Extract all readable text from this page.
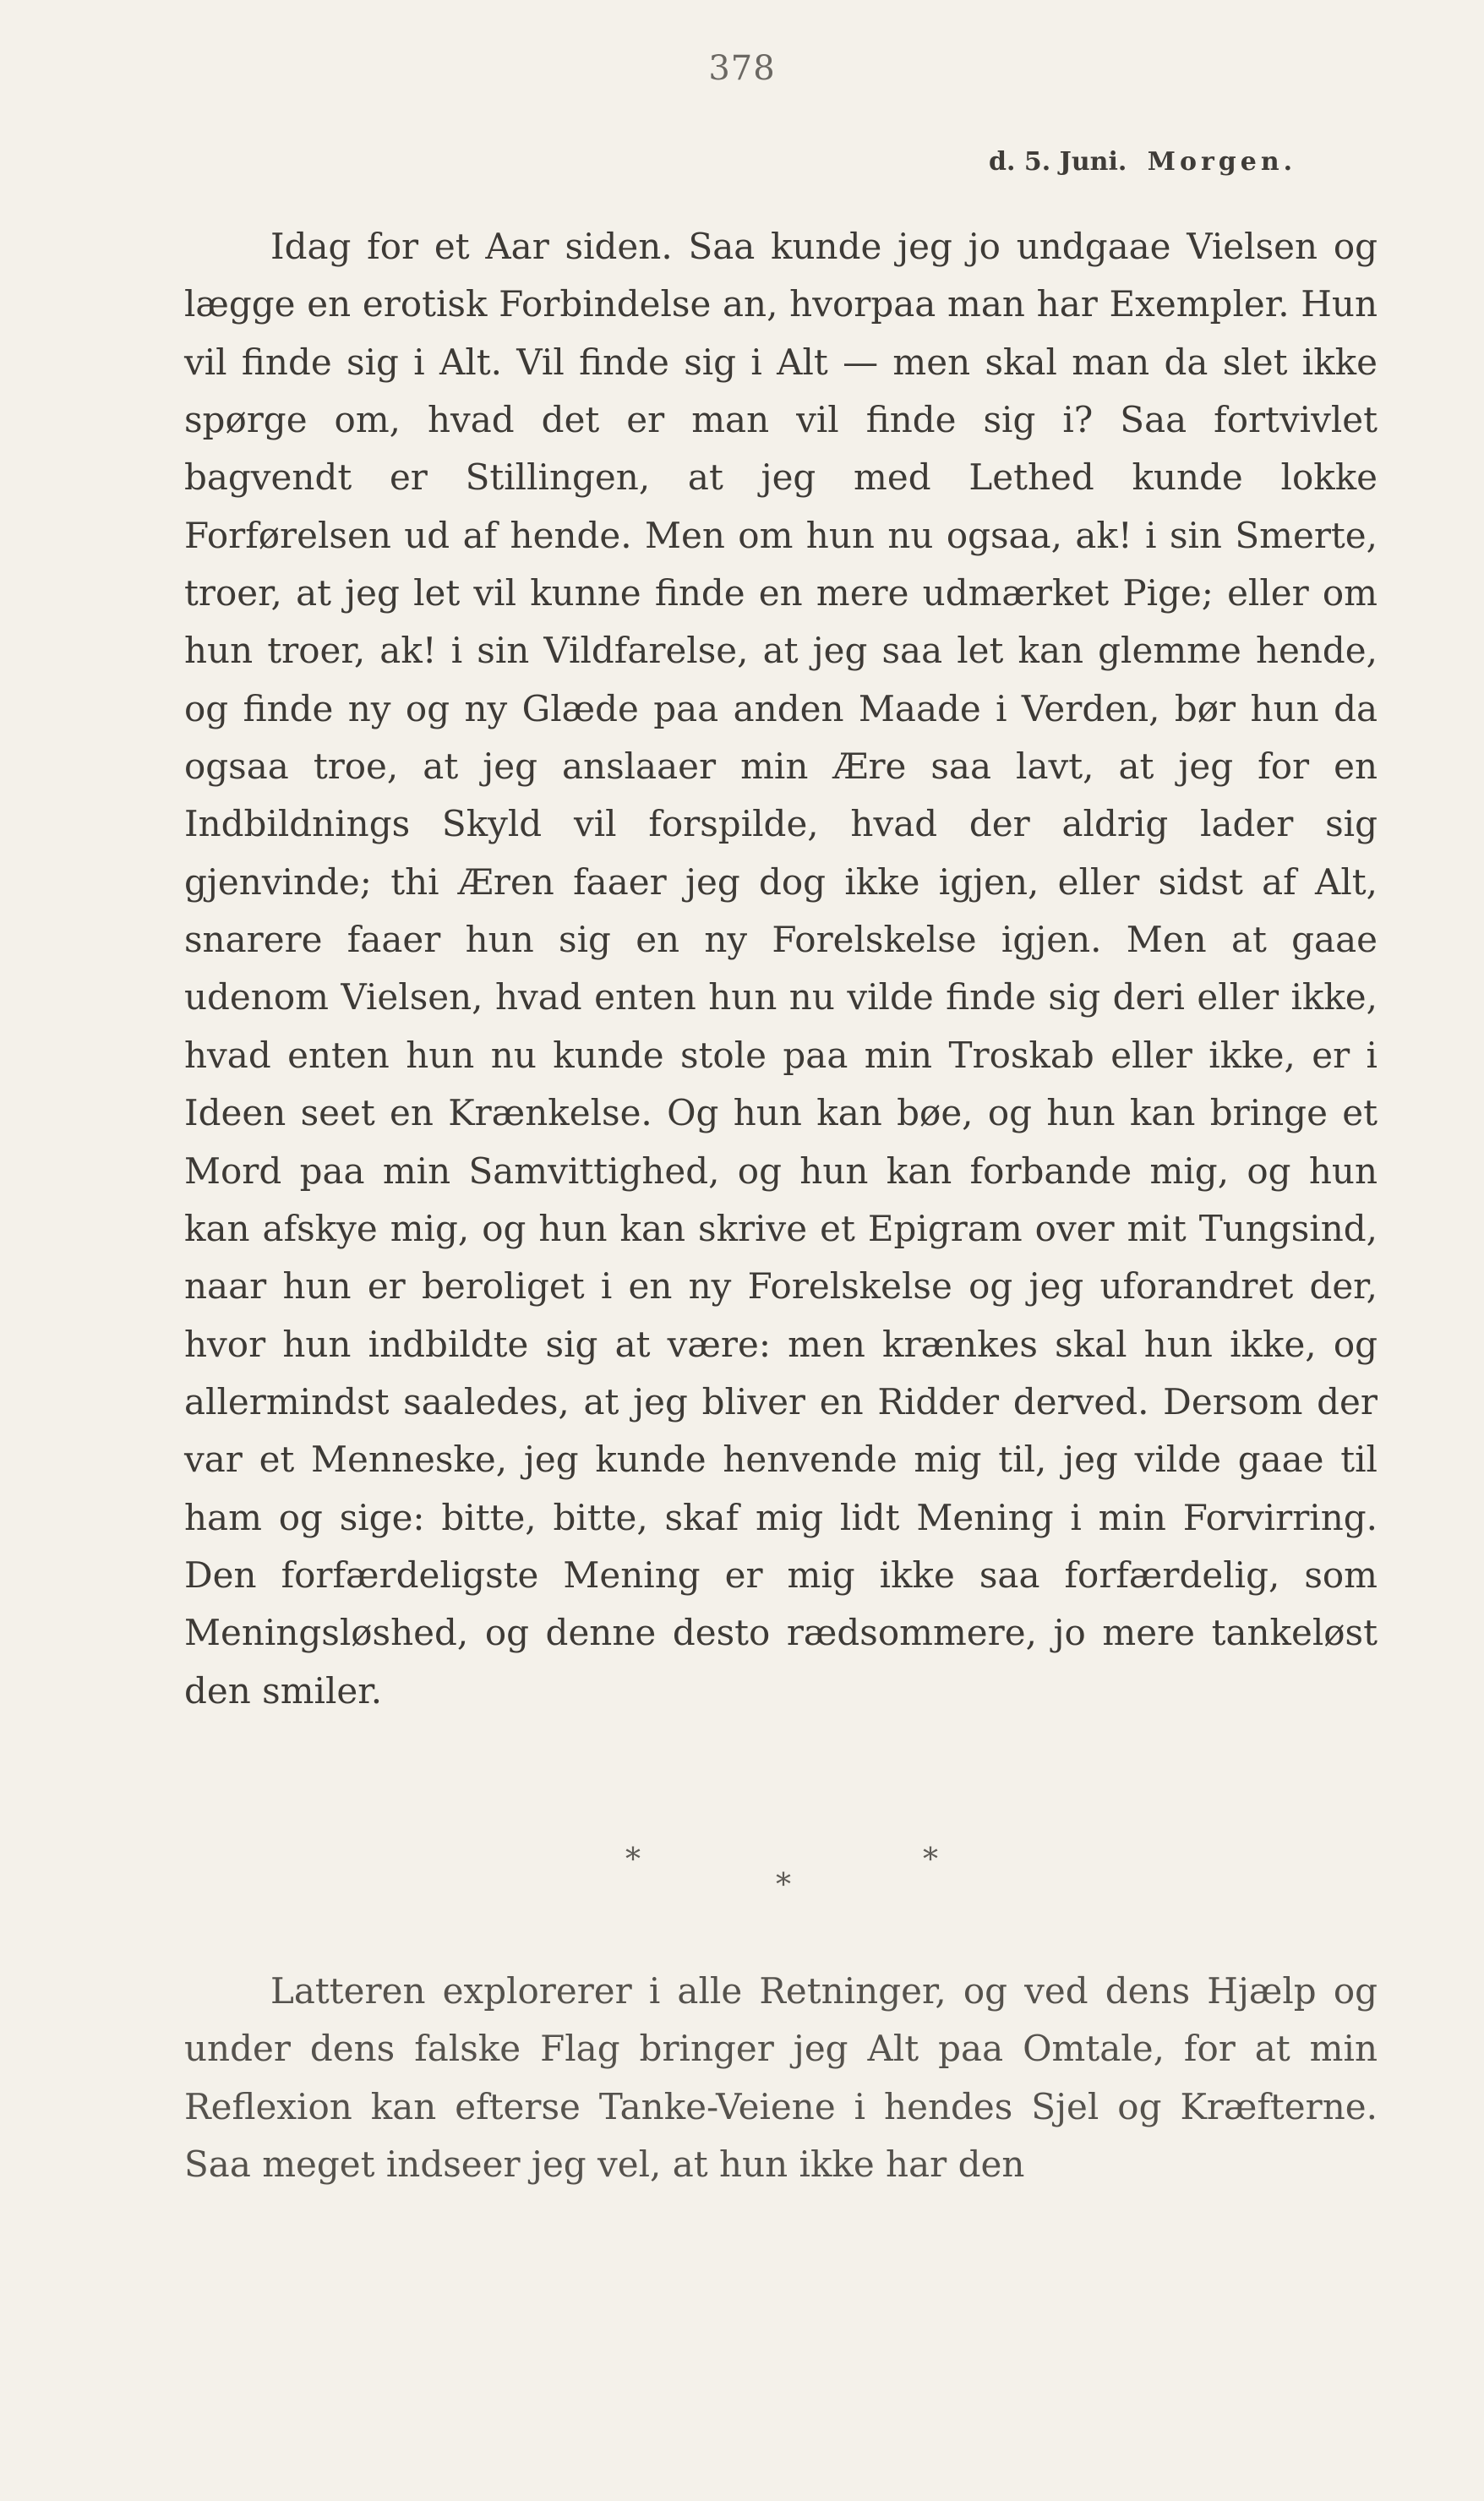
378
d. 5. Juni. Morgen.

Idag for et Aar siden. Saa kunde jeg jo undgaae Vielsen og lægge en erotisk Forbindelse an, hvorpaa man har Exempler. Hun vil finde sig i Alt. Vil finde sig i Alt — men skal man da slet ikke spørge om, hvad det er man vil finde sig i? Saa fortvivlet bagvendt er Stillingen, at jeg med Lethed kunde lokke Forførelsen ud af hende. Men om hun nu ogsaa, ak! i sin Smerte, troer, at jeg let vil kunne finde en mere udmærket Pige; eller om hun troer, ak! i sin Vildfarelse, at jeg saa let kan glemme hende, og finde ny og ny Glæde paa anden Maade i Verden, bør hun da ogsaa troe, at jeg anslaaer min Ære saa lavt, at jeg for en Indbildnings Skyld vil forspilde, hvad der aldrig lader sig gjenvinde; thi Æren faaer jeg dog ikke igjen, eller sidst af Alt, snarere faaer hun sig en ny Forelskelse igjen. Men at gaae udenom Vielsen, hvad enten hun nu vilde finde sig deri eller ikke, hvad enten hun nu kunde stole paa min Troskab eller ikke, er i Ideen seet en Krænkelse. Og hun kan bøe, og hun kan bringe et Mord paa min Samvittighed, og hun kan forbande mig, og hun kan afskye mig, og hun kan skrive et Epigram over mit Tungsind, naar hun er beroliget i en ny Forelskelse og jeg uforandret der, hvor hun indbildte sig at være: men krænkes skal hun ikke, og allermindst saaledes, at jeg bliver en Ridder derved. Dersom der var et Menneske, jeg kunde henvende mig til, jeg vilde gaae til ham og sige: bitte, bitte, skaf mig lidt Mening i min Forvirring. Den forfærdeligste Mening er mig ikke saa forfærdelig, som Meningsløshed, og denne desto rædsommere, jo mere tankeløst den smiler.

*	*
*

Latteren explorerer i alle Retninger, og ved dens Hjælp og under dens falske Flag bringer jeg Alt paa Omtale, for at min Reflexion kan efterse Tanke-Veiene i hendes Sjel og Kræfterne. Saa meget indseer jeg vel, at hun ikke har den
